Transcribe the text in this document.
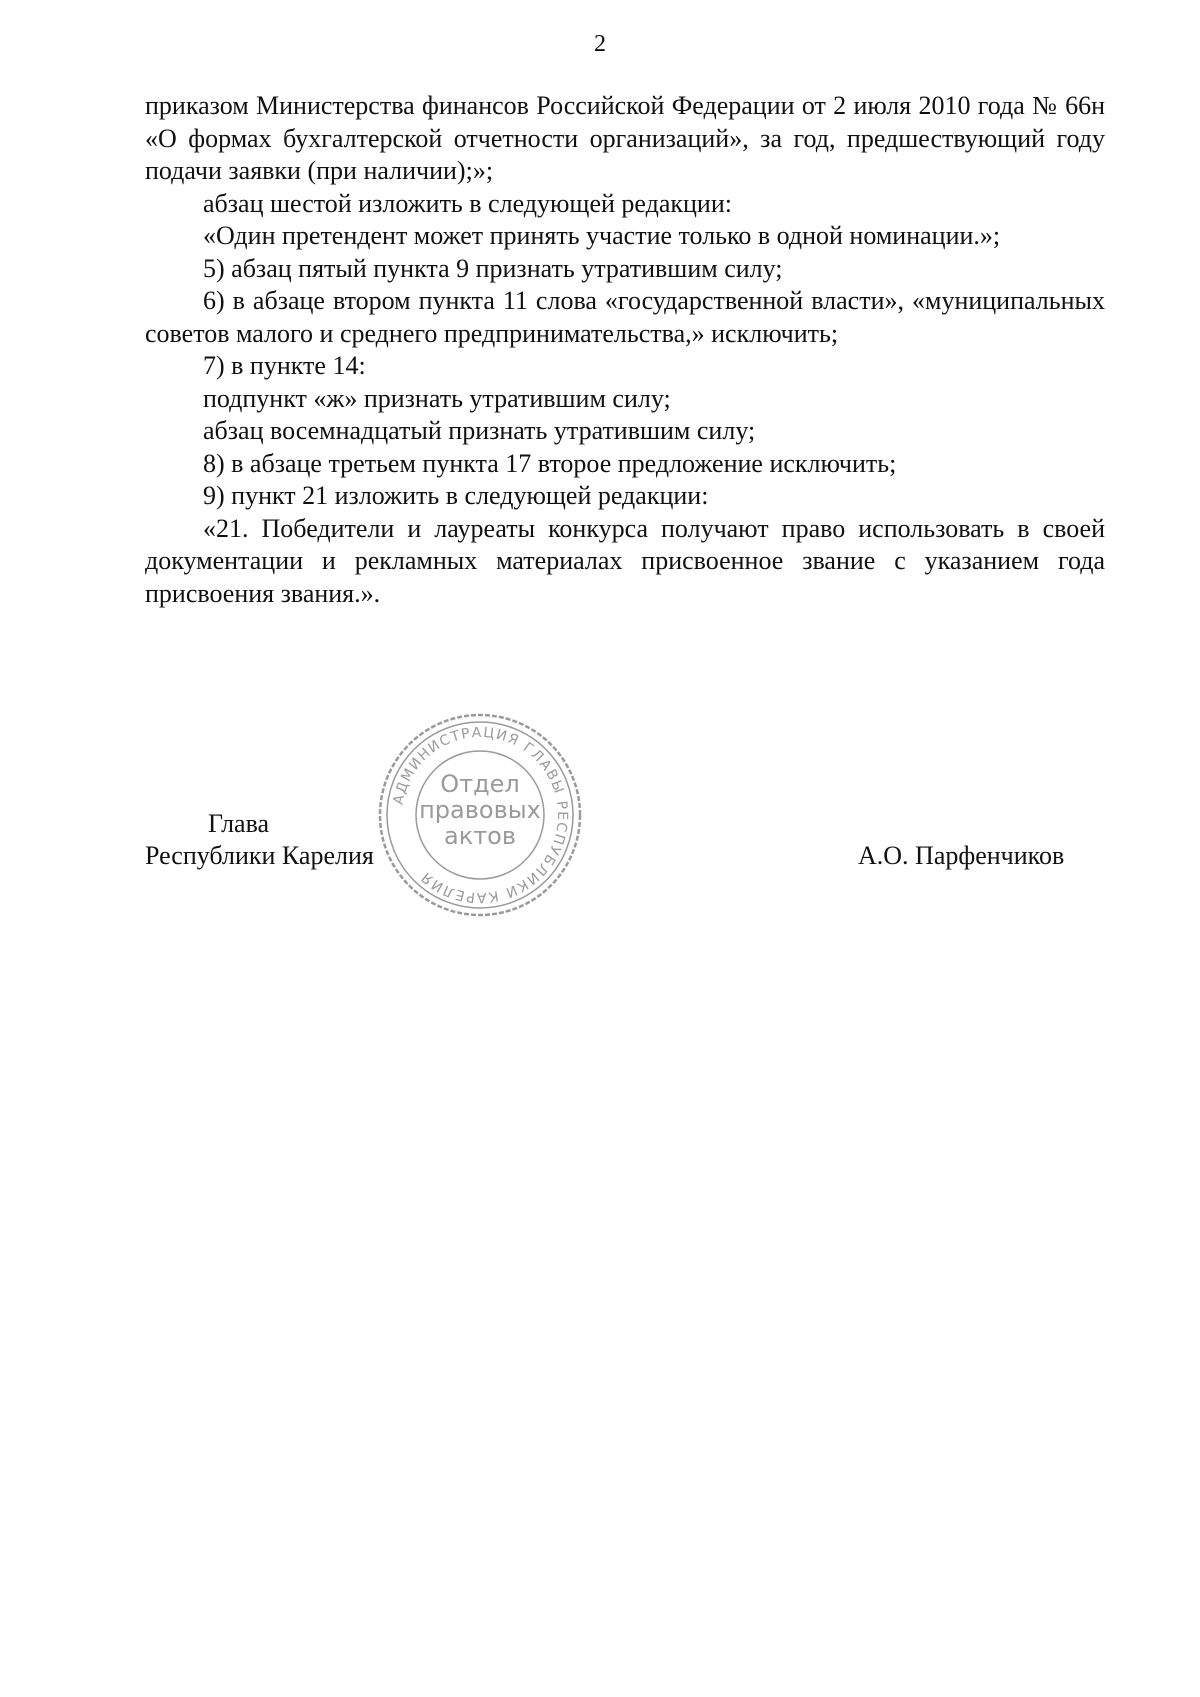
2

приказом Министерства финансов Российской Федерации от 2 июля 2010 года № 66н «О формах бухгалтерской отчетности организаций», за год, предшествующий году подачи заявки (при наличии);»;

абзац шестой изложить в следующей редакции:

«Один претендент может принять участие только в одной номинации.»;

5) абзац пятый пункта 9 признать утратившим силу;

6) в абзаце втором пункта 11 слова «государственной власти», «муниципальных советов малого и среднего предпринимательства,» исключить;

7) в пункте 14:

подпункт «ж» признать утратившим силу;

абзац восемнадцатый признать утратившим силу;

8) в абзаце третьем пункта 17 второе предложение исключить;

9) пункт 21 изложить в следующей редакции:

«21. Победители и лауреаты конкурса получают право использовать в своей документации и рекламных материалах присвоенное звание с указанием года присвоения звания.».

Глава
Республики Карелия	А.О. Парфенчиков
АДМИНИСТРАЦИЯ ГЛАВЫ РЕСПУБЛИКИ КАРЕЛИЯ
Отдел
правовых
актов
